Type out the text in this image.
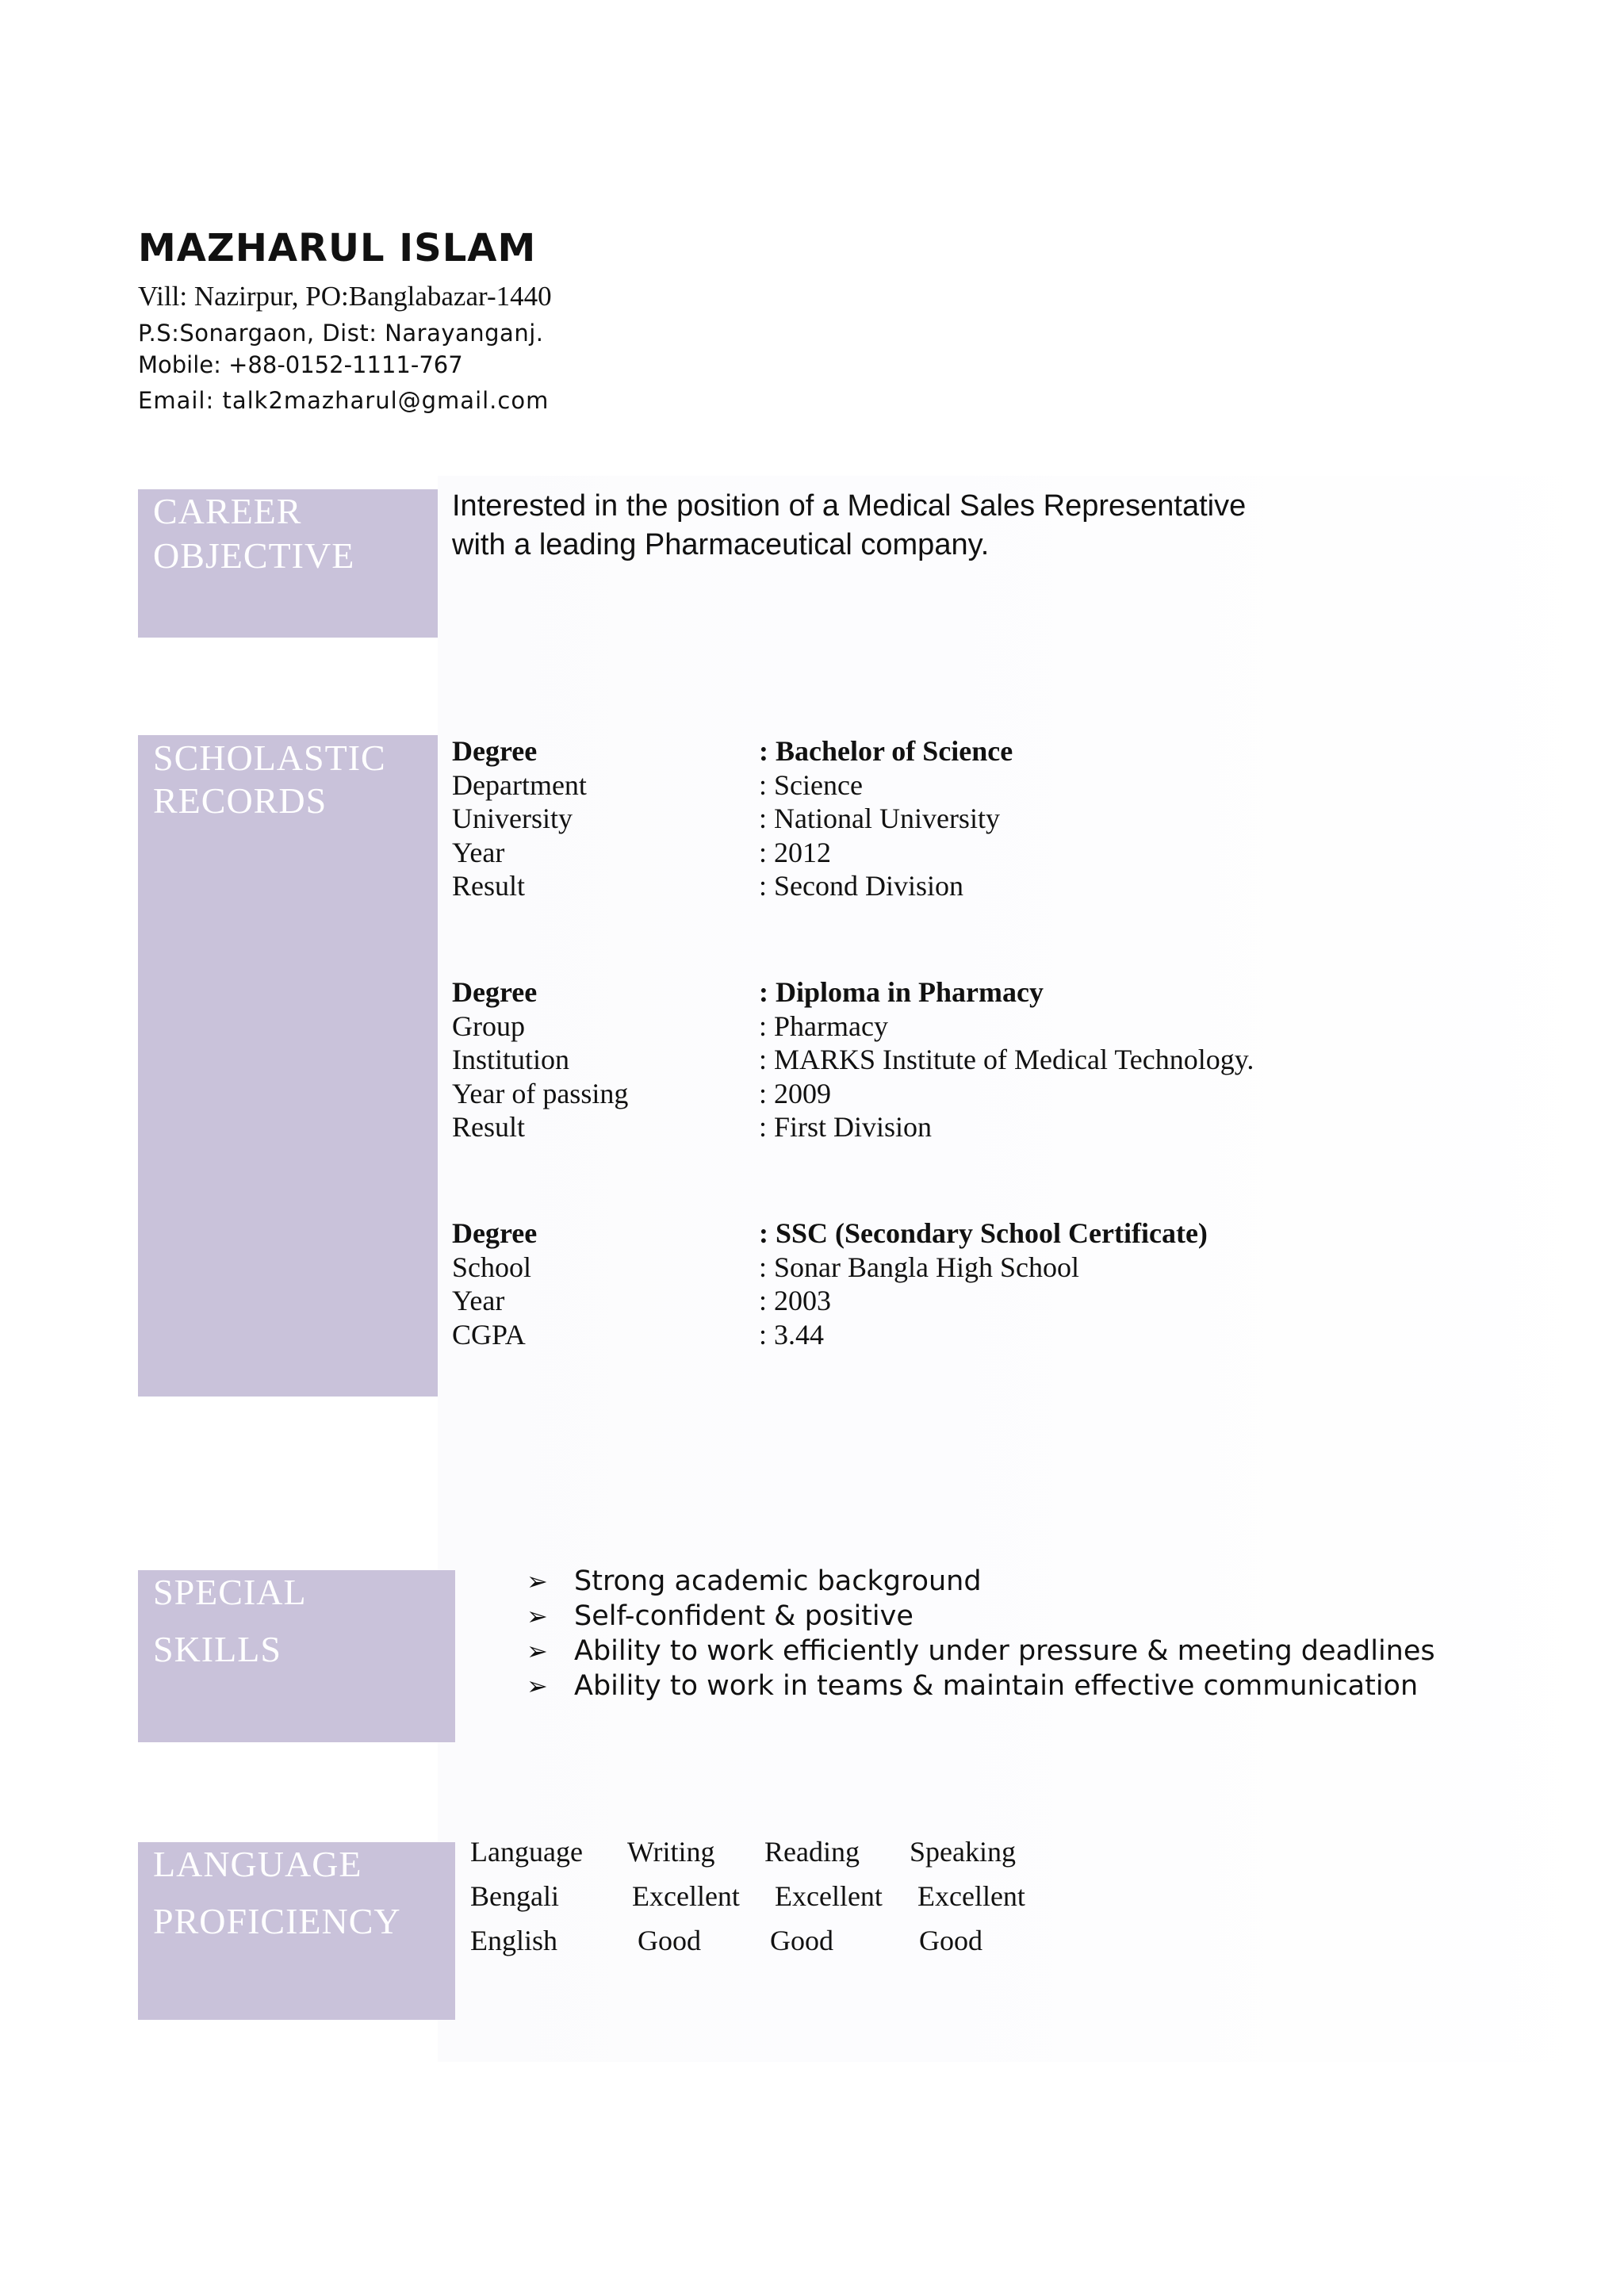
MAZHARUL ISLAM
Vill: Nazirpur, PO:Banglabazar-1440
P.S:Sonargaon, Dist: Narayanganj.
Mobile: +88-0152-1111-767
Email: talk2mazharul@gmail.com
CAREER
OBJECTIVE
Interested in the position of a Medical Sales Representative
with a leading Pharmaceutical company.
SCHOLASTIC
RECORDS
Degree	: Bachelor of Science
Department	: Science
University	: National University
Year	: 2012
Result	: Second Division
Degree	: Diploma in Pharmacy
Group	: Pharmacy
Institution	: MARKS Institute of Medical Technology.
Year of passing	: 2009
Result	: First Division
Degree	: SSC (Secondary School Certificate)
School	: Sonar Bangla High School
Year	: 2003
CGPA	: 3.44
SPECIAL
SKILLS
➢ Strong academic background
➢ Self-confident & positive
➢ Ability to work efficiently under pressure & meeting deadlines
➢ Ability to work in teams & maintain effective communication
LANGUAGE
PROFICIENCY
Language Writing Reading Speaking
Bengali	Excellent Excellent Excellent
English	Good Good	Good
